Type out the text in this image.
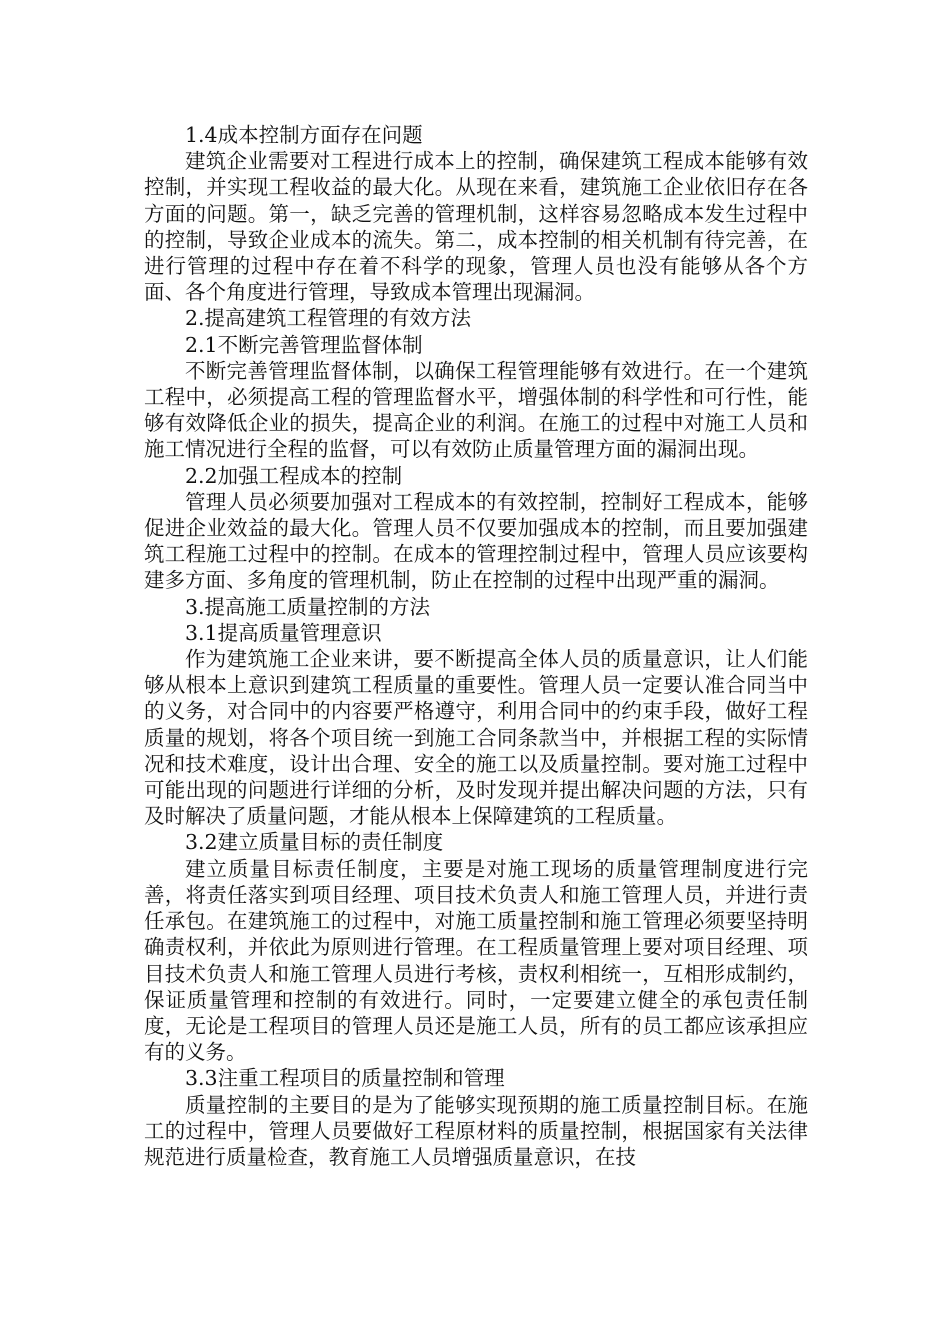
1.4成本控制方面存在问题

建筑企业需要对工程进行成本上的控制，确保建筑工程成本能够有效控制，并实现工程收益的最大化。从现在来看，建筑施工企业依旧存在各方面的问题。第一，缺乏完善的管理机制，这样容易忽略成本发生过程中的控制，导致企业成本的流失。第二，成本控制的相关机制有待完善，在进行管理的过程中存在着不科学的现象，管理人员也没有能够从各个方面、各个角度进行管理，导致成本管理出现漏洞。

2.提高建筑工程管理的有效方法

2.1不断完善管理监督体制

不断完善管理监督体制，以确保工程管理能够有效进行。在一个建筑工程中，必须提高工程的管理监督水平，增强体制的科学性和可行性，能够有效降低企业的损失，提高企业的利润。在施工的过程中对施工人员和施工情况进行全程的监督，可以有效防止质量管理方面的漏洞出现。

2.2加强工程成本的控制

管理人员必须要加强对工程成本的有效控制，控制好工程成本，能够促进企业效益的最大化。管理人员不仅要加强成本的控制，而且要加强建筑工程施工过程中的控制。在成本的管理控制过程中，管理人员应该要构建多方面、多角度的管理机制，防止在控制的过程中出现严重的漏洞。

3.提高施工质量控制的方法

3.1提高质量管理意识

作为建筑施工企业来讲，要不断提高全体人员的质量意识，让人们能够从根本上意识到建筑工程质量的重要性。管理人员一定要认准合同当中的义务，对合同中的内容要严格遵守，利用合同中的约束手段，做好工程质量的规划，将各个项目统一到施工合同条款当中，并根据工程的实际情况和技术难度，设计出合理、安全的施工以及质量控制。要对施工过程中可能出现的问题进行详细的分析，及时发现并提出解决问题的方法，只有及时解决了质量问题，才能从根本上保障建筑的工程质量。

3.2建立质量目标的责任制度

建立质量目标责任制度，主要是对施工现场的质量管理制度进行完善，将责任落实到项目经理、项目技术负责人和施工管理人员，并进行责任承包。在建筑施工的过程中，对施工质量控制和施工管理必须要坚持明确责权利，并依此为原则进行管理。在工程质量管理上要对项目经理、项目技术负责人和施工管理人员进行考核，责权利相统一，互相形成制约，保证质量管理和控制的有效进行。同时，一定要建立健全的承包责任制度，无论是工程项目的管理人员还是施工人员，所有的员工都应该承担应有的义务。

3.3注重工程项目的质量控制和管理

质量控制的主要目的是为了能够实现预期的施工质量控制目标。在施工的过程中，管理人员要做好工程原材料的质量控制，根据国家有关法律规范进行质量检查，教育施工人员增强质量意识，在技
